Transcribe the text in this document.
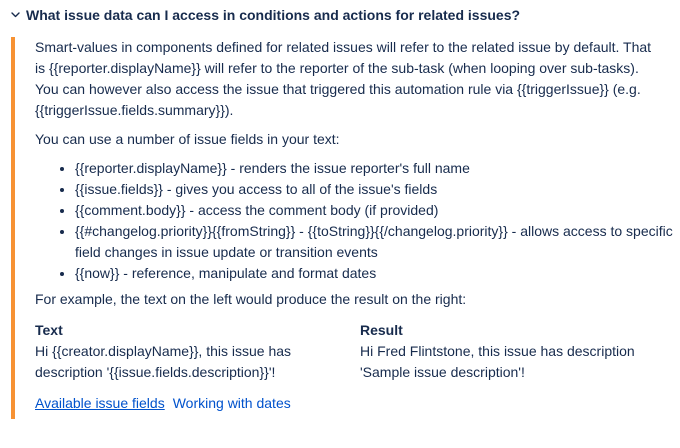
What issue data can I access in conditions and actions for related issues?

Smart-values in components defined for related issues will refer to the related issue by default. That is {{reporter.displayName}} will refer to the reporter of the sub-task (when looping over sub-tasks). You can however also access the issue that triggered this automation rule via {{triggerIssue}} (e.g. {{triggerIssue.fields.summary}}).

You can use a number of issue fields in your text:

• {{reporter.displayName}} - renders the issue reporter's full name
• {{issue.fields}} - gives you access to all of the issue's fields
• {{comment.body}} - access the comment body (if provided)
• {{#changelog.priority}}{{fromString}} - {{toString}}{{/changelog.priority}} - allows access to specific field changes in issue update or transition events
• {{now}} - reference, manipulate and format dates

For example, the text on the left would produce the result on the right:

Text
Hi {{creator.displayName}}, this issue has description '{{issue.fields.description}}'!
Result
Hi Fred Flintstone, this issue has description 'Sample issue description'!
Available issue fields Working with dates
